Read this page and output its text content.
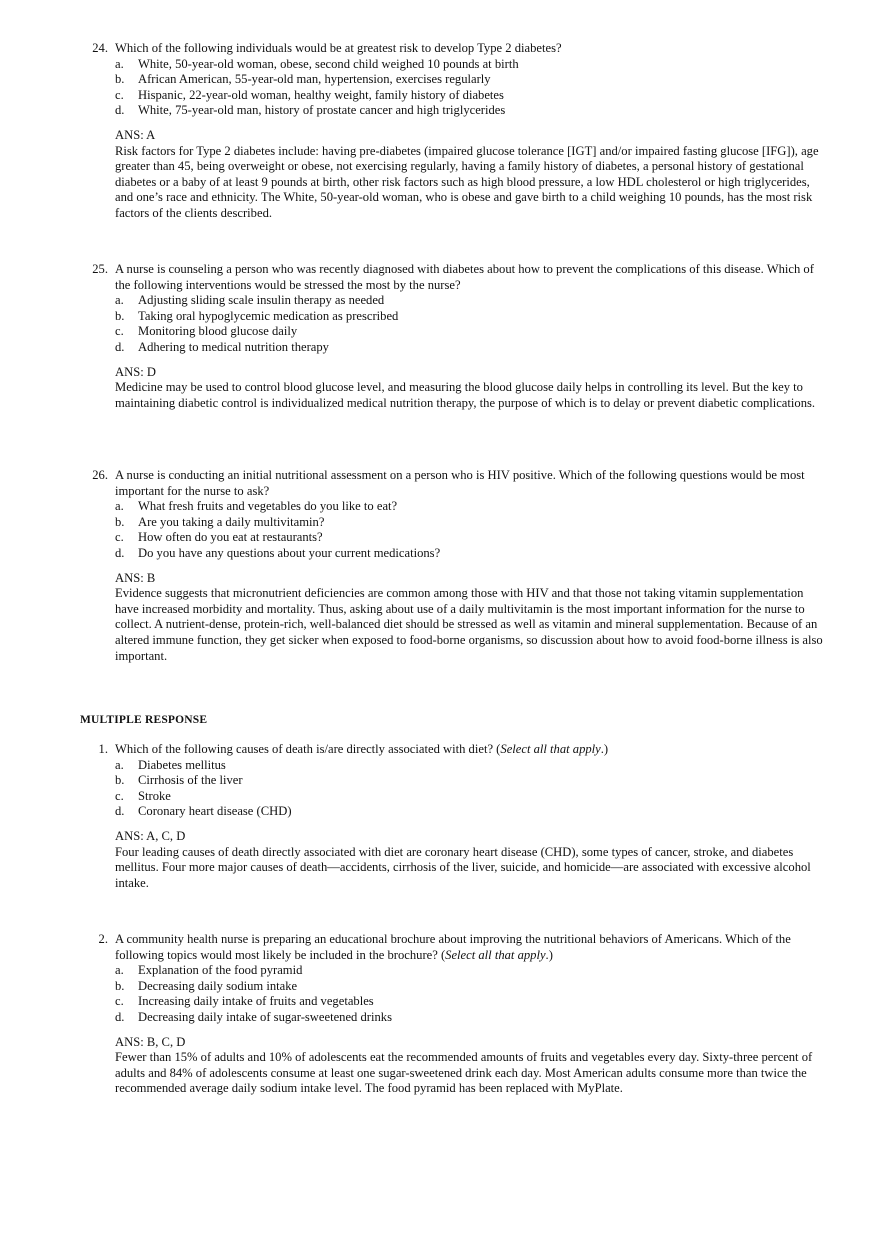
24. Which of the following individuals would be at greatest risk to develop Type 2 diabetes?
a. White, 50-year-old woman, obese, second child weighed 10 pounds at birth
b. African American, 55-year-old man, hypertension, exercises regularly
c. Hispanic, 22-year-old woman, healthy weight, family history of diabetes
d. White, 75-year-old man, history of prostate cancer and high triglycerides
ANS: A
Risk factors for Type 2 diabetes include: having pre-diabetes (impaired glucose tolerance [IGT] and/or impaired fasting glucose [IFG]), age greater than 45, being overweight or obese, not exercising regularly, having a family history of diabetes, a personal history of gestational diabetes or a baby of at least 9 pounds at birth, other risk factors such as high blood pressure, a low HDL cholesterol or high triglycerides, and one’s race and ethnicity. The White, 50-year-old woman, who is obese and gave birth to a child weighing 10 pounds, has the most risk factors of the clients described.
25. A nurse is counseling a person who was recently diagnosed with diabetes about how to prevent the complications of this disease. Which of the following interventions would be stressed the most by the nurse?
a. Adjusting sliding scale insulin therapy as needed
b. Taking oral hypoglycemic medication as prescribed
c. Monitoring blood glucose daily
d. Adhering to medical nutrition therapy
ANS: D
Medicine may be used to control blood glucose level, and measuring the blood glucose daily helps in controlling its level. But the key to maintaining diabetic control is individualized medical nutrition therapy, the purpose of which is to delay or prevent diabetic complications.
26. A nurse is conducting an initial nutritional assessment on a person who is HIV positive. Which of the following questions would be most important for the nurse to ask?
a. What fresh fruits and vegetables do you like to eat?
b. Are you taking a daily multivitamin?
c. How often do you eat at restaurants?
d. Do you have any questions about your current medications?
ANS: B
Evidence suggests that micronutrient deficiencies are common among those with HIV and that those not taking vitamin supplementation have increased morbidity and mortality. Thus, asking about use of a daily multivitamin is the most important information for the nurse to collect. A nutrient-dense, protein-rich, well-balanced diet should be stressed as well as vitamin and mineral supplementation. Because of an altered immune function, they get sicker when exposed to food-borne organisms, so discussion about how to avoid food-borne illness is also important.
MULTIPLE RESPONSE
1. Which of the following causes of death is/are directly associated with diet? (Select all that apply.)
a. Diabetes mellitus
b. Cirrhosis of the liver
c. Stroke
d. Coronary heart disease (CHD)
ANS: A, C, D
Four leading causes of death directly associated with diet are coronary heart disease (CHD), some types of cancer, stroke, and diabetes mellitus. Four more major causes of death—accidents, cirrhosis of the liver, suicide, and homicide—are associated with excessive alcohol intake.
2. A community health nurse is preparing an educational brochure about improving the nutritional behaviors of Americans. Which of the following topics would most likely be included in the brochure? (Select all that apply.)
a. Explanation of the food pyramid
b. Decreasing daily sodium intake
c. Increasing daily intake of fruits and vegetables
d. Decreasing daily intake of sugar-sweetened drinks
ANS: B, C, D
Fewer than 15% of adults and 10% of adolescents eat the recommended amounts of fruits and vegetables every day. Sixty-three percent of adults and 84% of adolescents consume at least one sugar-sweetened drink each day. Most American adults consume more than twice the recommended average daily sodium intake level. The food pyramid has been replaced with MyPlate.
